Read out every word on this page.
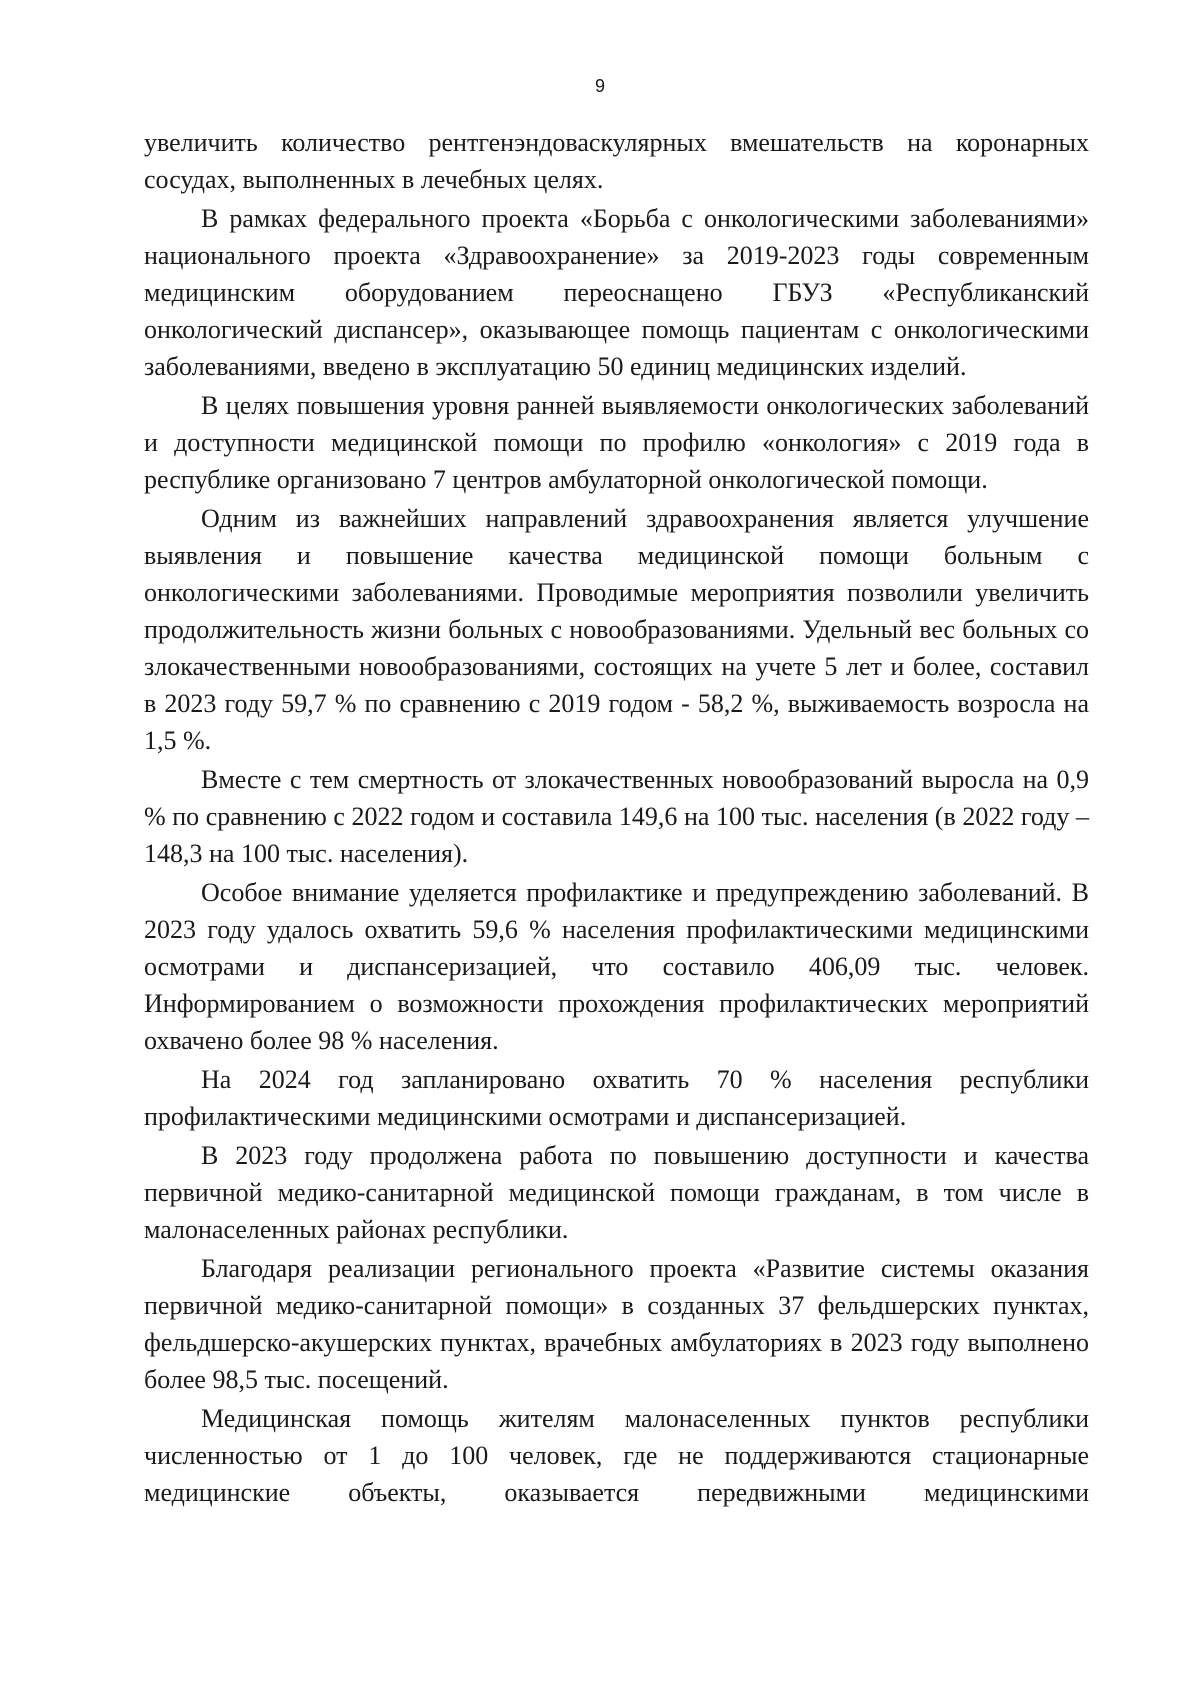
9

увеличить количество рентгенэндоваскулярных вмешательств на коронарных сосудах, выполненных в лечебных целях.

В рамках федерального проекта «Борьба с онкологическими заболеваниями» национального проекта «Здравоохранение» за 2019-2023 годы современным медицинским оборудованием переоснащено ГБУЗ «Республиканский онкологический диспансер», оказывающее помощь пациентам с онкологическими заболеваниями, введено в эксплуатацию 50 единиц медицинских изделий.

В целях повышения уровня ранней выявляемости онкологических заболеваний и доступности медицинской помощи по профилю «онкология» с 2019 года в республике организовано 7 центров амбулаторной онкологической помощи.

Одним из важнейших направлений здравоохранения является улучшение выявления и повышение качества медицинской помощи больным с онкологическими заболеваниями. Проводимые мероприятия позволили увеличить продолжительность жизни больных с новообразованиями. Удельный вес больных со злокачественными новообразованиями, состоящих на учете 5 лет и более, составил в 2023 году 59,7 % по сравнению с 2019 годом - 58,2 %, выживаемость возросла на 1,5 %.

Вместе с тем смертность от злокачественных новообразований выросла на 0,9 % по сравнению с 2022 годом и составила 149,6 на 100 тыс. населения (в 2022 году – 148,3 на 100 тыс. населения).

Особое внимание уделяется профилактике и предупреждению заболеваний. В 2023 году удалось охватить 59,6 % населения профилактическими медицинскими осмотрами и диспансеризацией, что составило 406,09 тыс. человек. Информированием о возможности прохождения профилактических мероприятий охвачено более 98 % населения.

На 2024 год запланировано охватить 70 % населения республики профилактическими медицинскими осмотрами и диспансеризацией.

В 2023 году продолжена работа по повышению доступности и качества первичной медико-санитарной медицинской помощи гражданам, в том числе в малонаселенных районах республики.

Благодаря реализации регионального проекта «Развитие системы оказания первичной медико-санитарной помощи» в созданных 37 фельдшерских пунктах, фельдшерско-акушерских пунктах, врачебных амбулаториях в 2023 году выполнено более 98,5 тыс. посещений.

Медицинская помощь жителям малонаселенных пунктов республики численностью от 1 до 100 человек, где не поддерживаются стационарные медицинские объекты, оказывается передвижными медицинскими
